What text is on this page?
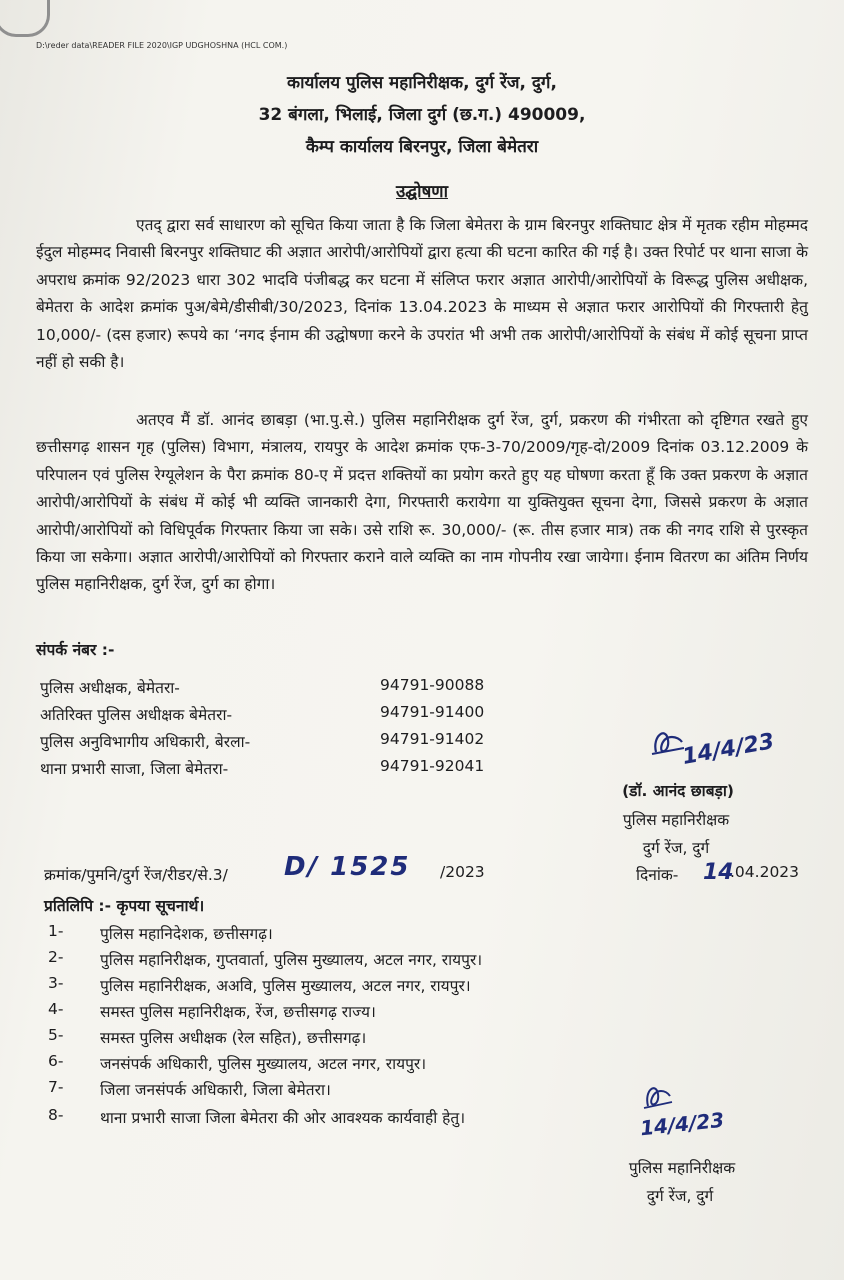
D:\reder data\READER FILE 2020\IGP UDGHOSHNA (HCL COM.)
कार्यालय पुलिस महानिरीक्षक, दुर्ग रेंज, दुर्ग,
32 बंगला, भिलाई, जिला दुर्ग (छ.ग.) 490009,
कैम्प कार्यालय बिरनपुर, जिला बेमेतरा
उद्घोषणा

एतद् द्वारा सर्व साधारण को सूचित किया जाता है कि जिला बेमेतरा के ग्राम बिरनपुर शक्तिघाट क्षेत्र में मृतक रहीम मोहम्मद ईदुल मोहम्मद निवासी बिरनपुर शक्तिघाट की अज्ञात आरोपी/आरोपियों द्वारा हत्या की घटना कारित की गई है। उक्त रिपोर्ट पर थाना साजा के अपराध क्रमांक 92/2023 धारा 302 भादवि पंजीबद्ध कर घटना में संलिप्त फरार अज्ञात आरोपी/आरोपियों के विरूद्ध पुलिस अधीक्षक, बेमेतरा के आदेश क्रमांक पुअ/बेमे/डीसीबी/30/2023, दिनांक 13.04.2023 के माध्यम से अज्ञात फरार आरोपियों की गिरफ्तारी हेतु 10,000/- (दस हजार) रूपये का ‘नगद ईनाम की उद्घोषणा करने के उपरांत भी अभी तक आरोपी/आरोपियों के संबंध में कोई सूचना प्राप्त नहीं हो सकी है।

अतएव मैं डॉ. आनंद छाबड़ा (भा.पु.से.) पुलिस महानिरीक्षक दुर्ग रेंज, दुर्ग, प्रकरण की गंभीरता को दृष्टिगत रखते हुए छत्तीसगढ़ शासन गृह (पुलिस) विभाग, मंत्रालय, रायपुर के आदेश क्रमांक एफ-3-70/2009/गृह-दो/2009 दिनांक 03.12.2009 के परिपालन एवं पुलिस रेग्यूलेशन के पैरा क्रमांक 80-ए में प्रदत्त शक्तियों का प्रयोग करते हुए यह घोषणा करता हूँ कि उक्त प्रकरण के अज्ञात आरोपी/आरोपियों के संबंध में कोई भी व्यक्ति जानकारी देगा, गिरफ्तारी करायेगा या युक्तियुक्त सूचना देगा, जिससे प्रकरण के अज्ञात आरोपी/आरोपियों को विधिपूर्वक गिरफ्तार किया जा सके। उसे राशि रू. 30,000/- (रू. तीस हजार मात्र) तक की नगद राशि से पुरस्कृत किया जा सकेगा। अज्ञात आरोपी/आरोपियों को गिरफ्तार कराने वाले व्यक्ति का नाम गोपनीय रखा जायेगा। ईनाम वितरण का अंतिम निर्णय पुलिस महानिरीक्षक, दुर्ग रेंज, दुर्ग का होगा।

संपर्क नंबर :-
पुलिस अधीक्षक, बेमेतरा-	94791-90088
अतिरिक्त पुलिस अधीक्षक बेमेतरा-	94791-91400
पुलिस अनुविभागीय अधिकारी, बेरला-	94791-91402
थाना प्रभारी साजा, जिला बेमेतरा-	94791-92041	14/4/23
(डॉ. आनंद छाबड़ा)
पुलिस महानिरीक्षक
दुर्ग रेंज, दुर्ग
क्रमांक/पुमनि/दुर्ग रेंज/रीडर/से.3/ D/ 1525 /2023	दिनांक- 14
.04.2023
प्रतिलिपि :- कृपया सूचनार्थ।
1- पुलिस महानिदेशक, छत्तीसगढ़।
2- पुलिस महानिरीक्षक, गुप्तवार्ता, पुलिस मुख्यालय, अटल नगर, रायपुर।
3- पुलिस महानिरीक्षक, अअवि, पुलिस मुख्यालय, अटल नगर, रायपुर।
4- समस्त पुलिस महानिरीक्षक, रेंज, छत्तीसगढ़ राज्य।
5- समस्त पुलिस अधीक्षक (रेल सहित), छत्तीसगढ़।
6- जनसंपर्क अधिकारी, पुलिस मुख्यालय, अटल नगर, रायपुर।
7- जिला जनसंपर्क अधिकारी, जिला बेमेतरा।
8- थाना प्रभारी साजा जिला बेमेतरा की ओर आवश्यक कार्यवाही हेतु।	14/4/23
पुलिस महानिरीक्षक
दुर्ग रेंज, दुर्ग
